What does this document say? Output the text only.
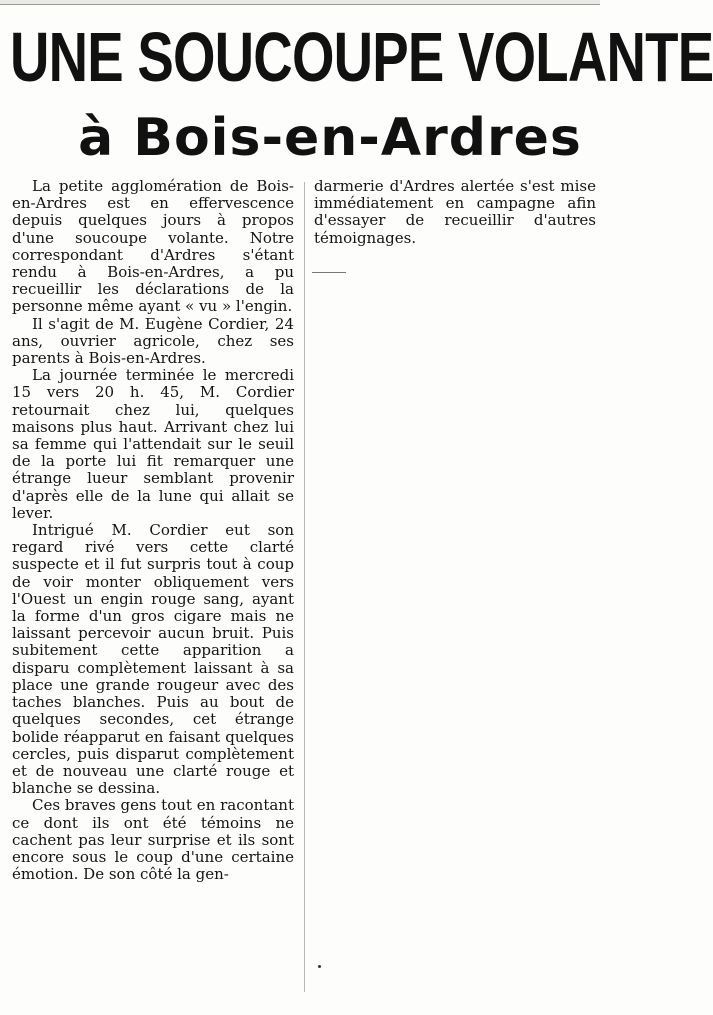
UNE SOUCOUPE VOLANTE
à Bois-en-Ardres

La petite agglomération de Bois-en-Ardres est en effervescence depuis quelques jours à propos d'une soucoupe volante. Notre correspondant d'Ardres s'étant rendu à Bois-en-Ardres, a pu recueillir les déclarations de la personne même ayant « vu » l'engin.

Il s'agit de M. Eugène Cordier, 24 ans, ouvrier agricole, chez ses parents à Bois-en-Ardres.

La journée terminée le mercredi 15 vers 20 h. 45, M. Cordier retournait chez lui, quelques maisons plus haut. Arrivant chez lui sa femme qui l'attendait sur le seuil de la porte lui fit remarquer une étrange lueur semblant provenir d'après elle de la lune qui allait se lever.

Intrigué M. Cordier eut son regard rivé vers cette clarté suspecte et il fut surpris tout à coup de voir monter obliquement vers l'Ouest un engin rouge sang, ayant la forme d'un gros cigare mais ne laissant percevoir aucun bruit. Puis subitement cette apparition a disparu complètement laissant à sa place une grande rougeur avec des taches blanches. Puis au bout de quelques secondes, cet étrange bolide réapparut en faisant quelques cercles, puis disparut complètement et de nouveau une clarté rouge et blanche se dessina.

Ces braves gens tout en racontant ce dont ils ont été témoins ne cachent pas leur surprise et ils sont encore sous le coup d'une certaine émotion. De son côté la gen-

darmerie d'Ardres alertée s'est mise immédiatement en campagne afin d'essayer de recueillir d'autres témoignages.
